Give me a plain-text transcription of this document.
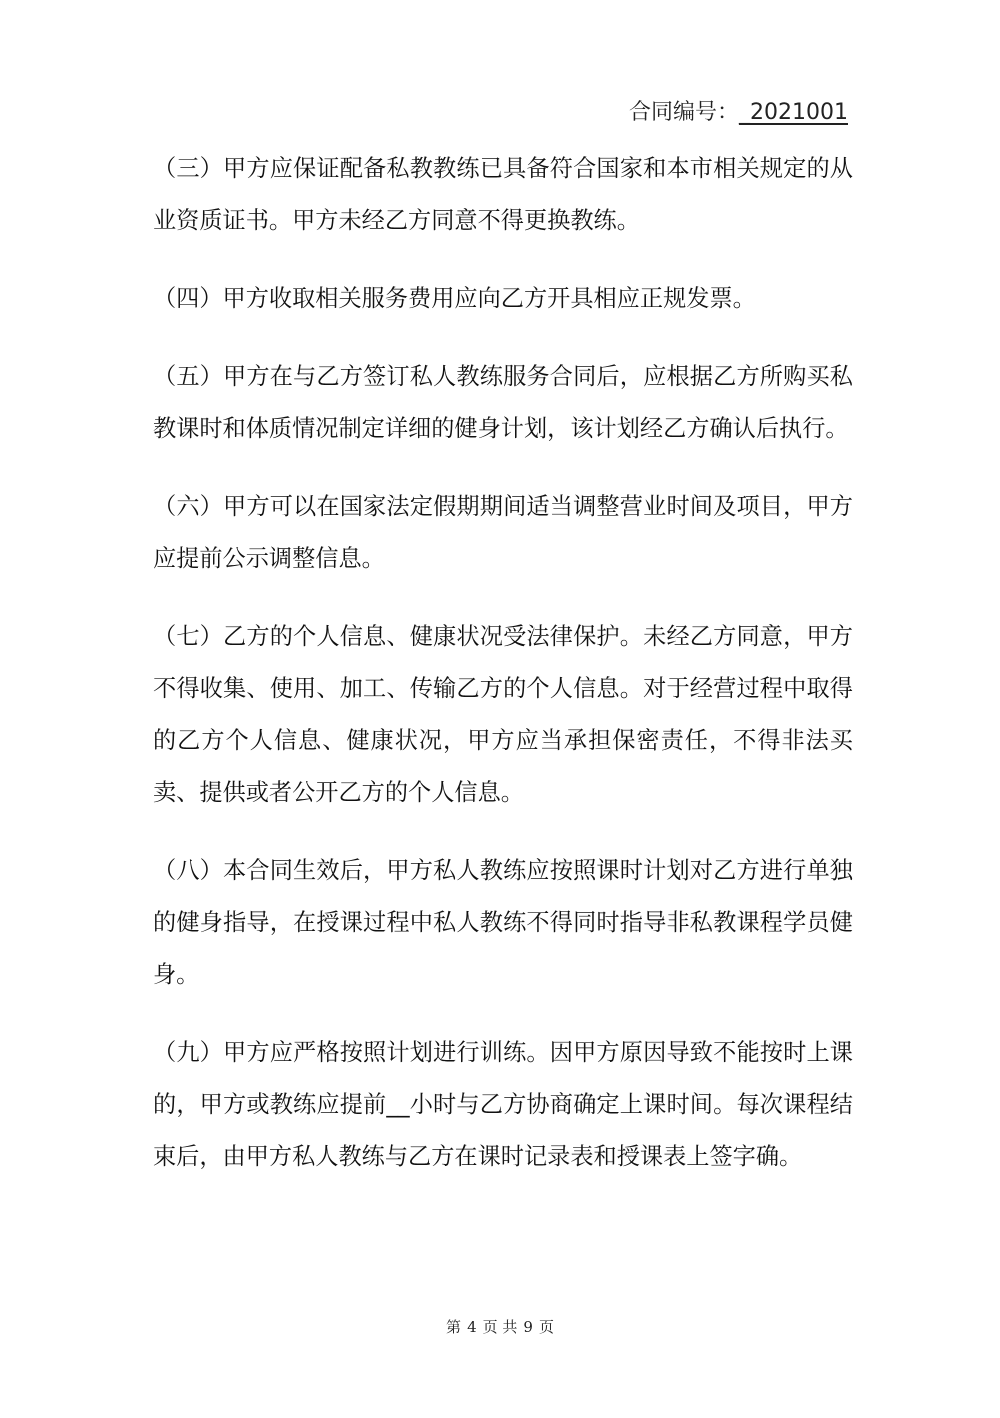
合同编号：_2021001

（三）甲方应保证配备私教教练已具备符合国家和本市相关规定的从业资质证书。甲方未经乙方同意不得更换教练。

（四）甲方收取相关服务费用应向乙方开具相应正规发票。

（五）甲方在与乙方签订私人教练服务合同后，应根据乙方所购买私教课时和体质情况制定详细的健身计划，该计划经乙方确认后执行。

（六）甲方可以在国家法定假期期间适当调整营业时间及项目，甲方应提前公示调整信息。

（七）乙方的个人信息、健康状况受法律保护。未经乙方同意，甲方不得收集、使用、加工、传输乙方的个人信息。对于经营过程中取得的乙方个人信息、健康状况，甲方应当承担保密责任，不得非法买卖、提供或者公开乙方的个人信息。

（八）本合同生效后，甲方私人教练应按照课时计划对乙方进行单独的健身指导，在授课过程中私人教练不得同时指导非私教课程学员健身。

（九）甲方应严格按照计划进行训练。因甲方原因导致不能按时上课的，甲方或教练应提前__小时与乙方协商确定上课时间。每次课程结束后，由甲方私人教练与乙方在课时记录表和授课表上签字确。

第 4 页 共 9 页
